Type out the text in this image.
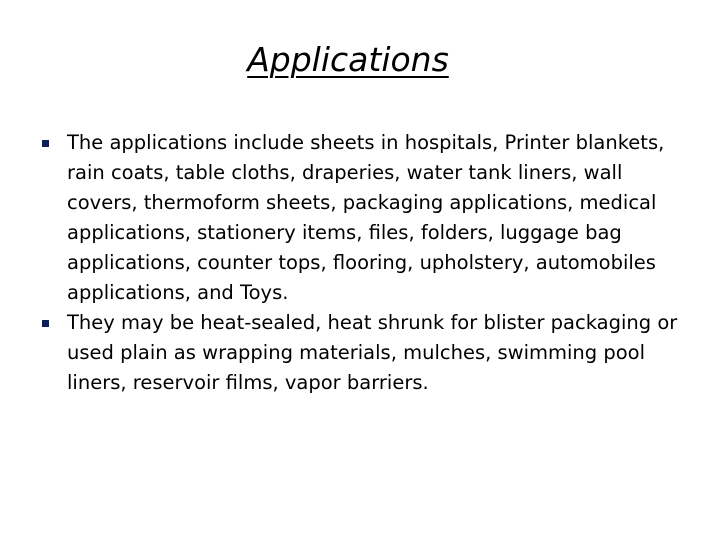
Applications
The applications include sheets in hospitals, Printer blankets, rain coats, table cloths, draperies, water tank liners, wall covers, thermoform sheets, packaging applications, medical applications, stationery items, files, folders, luggage bag applications, counter tops, flooring, upholstery, automobiles applications, and Toys.
They may be heat-sealed, heat shrunk for blister packaging or used plain as wrapping materials, mulches, swimming pool liners, reservoir films, vapor barriers.
